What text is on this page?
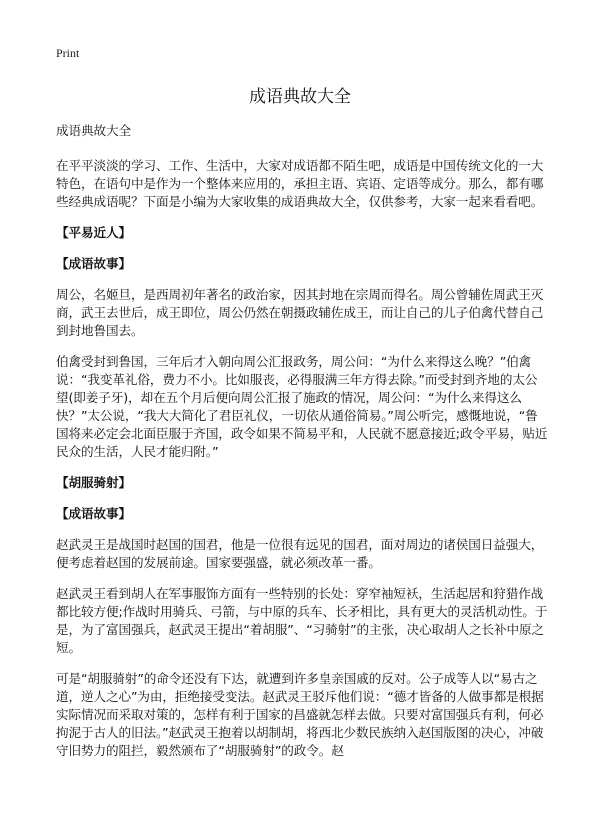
Print
成语典故大全

成语典故大全

在平平淡淡的学习、工作、生活中，大家对成语都不陌生吧，成语是中国传统文化的一大特色，在语句中是作为一个整体来应用的，承担主语、宾语、定语等成分。那么，都有哪些经典成语呢？下面是小编为大家收集的成语典故大全，仅供参考，大家一起来看看吧。

【平易近人】

【成语故事】

周公，名姬旦，是西周初年著名的政治家，因其封地在宗周而得名。周公曾辅佐周武王灭商，武王去世后，成王即位，周公仍然在朝摄政辅佐成王，而让自己的儿子伯禽代替自己到封地鲁国去。

伯禽受封到鲁国，三年后才入朝向周公汇报政务，周公问：“为什么来得这么晚？”伯禽说：“我变革礼俗，费力不小。比如服丧，必得服满三年方得去除。”而受封到齐地的太公望(即姜子牙)，却在五个月后便向周公汇报了施政的情况，周公问：“为什么来得这么快？”太公说，“我大大简化了君臣礼仪，一切依从通俗简易。”周公听完，感慨地说，“鲁国将来必定会北面臣服于齐国，政令如果不简易平和，人民就不愿意接近;政令平易，贴近民众的生活，人民才能归附。”

【胡服骑射】

【成语故事】

赵武灵王是战国时赵国的国君，他是一位很有远见的国君，面对周边的诸侯国日益强大，便考虑着赵国的发展前途。国家要强盛，就必须改革一番。

赵武灵王看到胡人在军事服饰方面有一些特别的长处：穿窄袖短袄，生活起居和狩猎作战都比较方便;作战时用骑兵、弓箭，与中原的兵车、长矛相比，具有更大的灵活机动性。于是，为了富国强兵，赵武灵王提出“着胡服”、“习骑射”的主张，决心取胡人之长补中原之短。

可是“胡服骑射”的命令还没有下达，就遭到许多皇亲国戚的反对。公子成等人以“易古之道，逆人之心”为由，拒绝接受变法。赵武灵王驳斥他们说：“德才皆备的人做事都是根据实际情况而采取对策的，怎样有利于国家的昌盛就怎样去做。只要对富国强兵有利，何必拘泥于古人的旧法。”赵武灵王抱着以胡制胡，将西北少数民族纳入赵国版图的决心，冲破守旧势力的阻拦，毅然颁布了“胡服骑射”的政令。赵
